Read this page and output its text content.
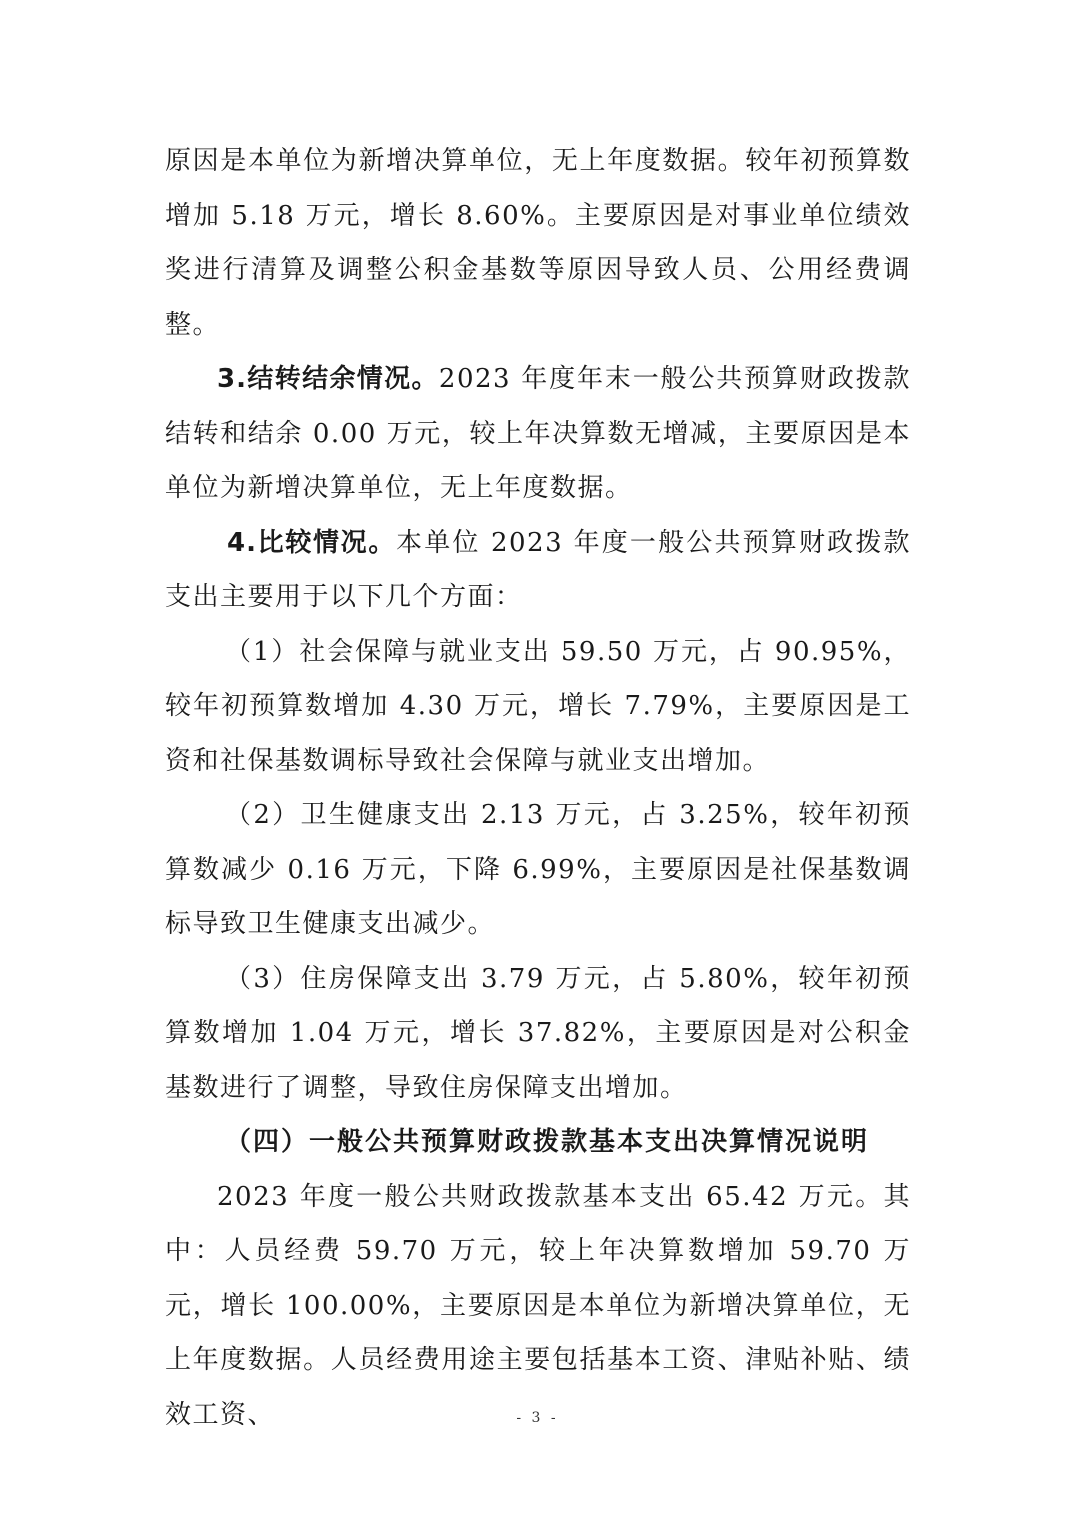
原因是本单位为新增决算单位，无上年度数据。较年初预算数增加 5.18 万元，增长 8.60%。主要原因是对事业单位绩效奖进行清算及调整公积金基数等原因导致人员、公用经费调整。

3.结转结余情况。2023 年度年末一般公共预算财政拨款结转和结余 0.00 万元，较上年决算数无增减，主要原因是本单位为新增决算单位，无上年度数据。

4.比较情况。本单位 2023 年度一般公共预算财政拨款支出主要用于以下几个方面：

（1）社会保障与就业支出 59.50 万元，占 90.95%，较年初预算数增加 4.30 万元，增长 7.79%，主要原因是工资和社保基数调标导致社会保障与就业支出增加。

（2）卫生健康支出 2.13 万元，占 3.25%，较年初预算数减少 0.16 万元，下降 6.99%，主要原因是社保基数调标导致卫生健康支出减少。

（3）住房保障支出 3.79 万元，占 5.80%，较年初预算数增加 1.04 万元，增长 37.82%，主要原因是对公积金基数进行了调整，导致住房保障支出增加。

（四）一般公共预算财政拨款基本支出决算情况说明

2023 年度一般公共财政拨款基本支出 65.42 万元。其中：人员经费 59.70 万元，较上年决算数增加 59.70 万元，增长 100.00%，主要原因是本单位为新增决算单位，无上年度数据。人员经费用途主要包括基本工资、津贴补贴、绩效工资、	- 3 -
